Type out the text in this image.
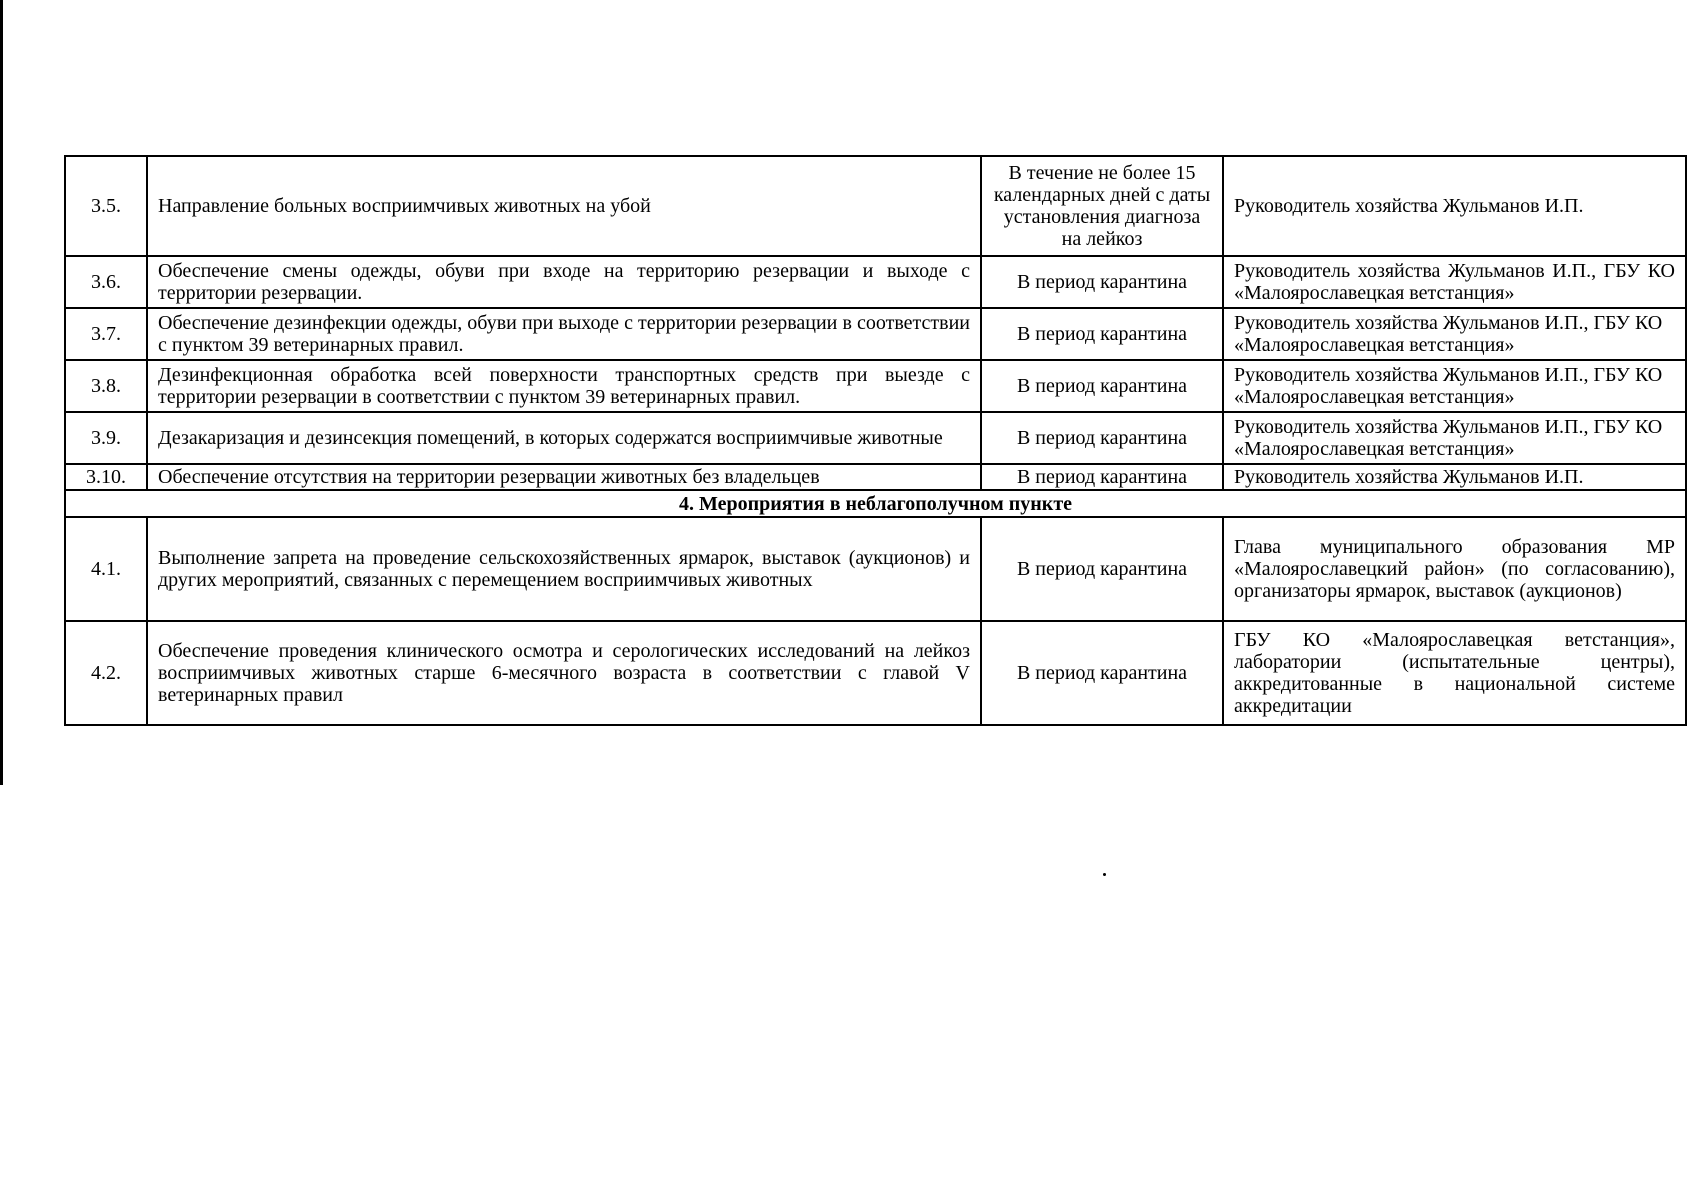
3.5.	Направление больных восприимчивых животных на убой	В течение не более 15 календарных дней с даты установления диагноза на лейкоз	Руководитель хозяйства Жульманов И.П.
3.6.	Обеспечение смены одежды, обуви при входе на территорию резервации и выходе с территории резервации.	В период карантина	Руководитель хозяйства Жульманов И.П., ГБУ КО «Малоярославецкая ветстанция»
3.7.	Обеспечение дезинфекции одежды, обуви при выходе с территории резервации в соответствии с пунктом 39 ветеринарных правил.	В период карантина	Руководитель хозяйства Жульманов И.П., ГБУ КО «Малоярославецкая ветстанция»
3.8.	Дезинфекционная обработка всей поверхности транспортных средств при выезде с территории резервации в соответствии с пунктом 39 ветеринарных правил.	В период карантина	Руководитель хозяйства Жульманов И.П., ГБУ КО «Малоярославецкая ветстанция»
3.9.	Дезакаризация и дезинсекция помещений, в которых содержатся восприимчивые животные	В период карантина	Руководитель хозяйства Жульманов И.П., ГБУ КО «Малоярославецкая ветстанция»
3.10.	Обеспечение отсутствия на территории резервации животных без владельцев	В период карантина	Руководитель хозяйства Жульманов И.П.
4. Мероприятия в неблагополучном пункте			
4.1.	Выполнение запрета на проведение сельскохозяйственных ярмарок, выставок (аукционов) и других мероприятий, связанных с перемещением восприимчивых животных	В период карантина	Глава муниципального образования МР «Малоярославецкий район» (по согласованию), организаторы ярмарок, выставок (аукционов)
4.2.	Обеспечение проведения клинического осмотра и серологических исследований на лейкоз восприимчивых животных старше 6-месячного возраста в соответствии с главой V ветеринарных правил	В период карантина	ГБУ КО «Малоярославецкая ветстанция», лаборатории (испытательные центры), аккредитованные в национальной системе аккредитации
